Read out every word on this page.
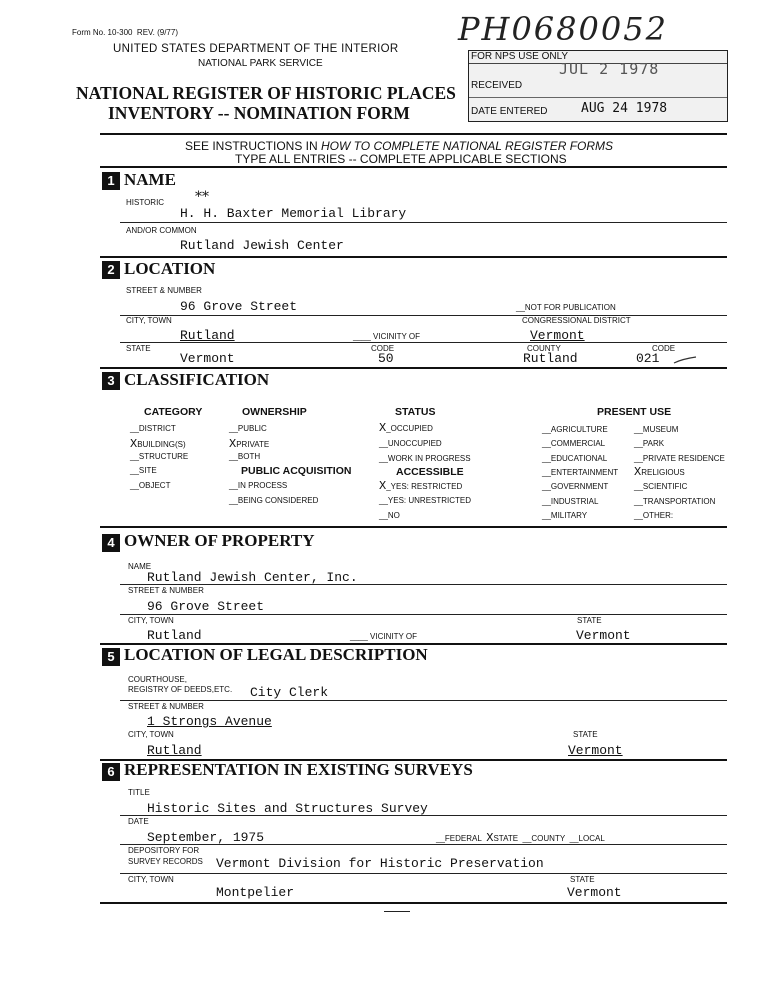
Form No. 10-300 REV. (9/77)
UNITED STATES DEPARTMENT OF THE INTERIOR
NATIONAL PARK SERVICE
NATIONAL REGISTER OF HISTORIC PLACES
INVENTORY -- NOMINATION FORM
PH0680052
FOR NPS USE ONLY
RECEIVED
JUL 2 1978
DATE ENTERED	AUG 24 1978
SEE INSTRUCTIONS IN HOW TO COMPLETE NATIONAL REGISTER FORMS
TYPE ALL ENTRIES -- COMPLETE APPLICABLE SECTIONS
1 NAME
HISTORIC **
H. H. Baxter Memorial Library
AND/OR COMMON
Rutland Jewish Center
2 LOCATION
STREET & NUMBER
96 Grove Street	__NOT FOR PUBLICATION
CITY, TOWN	CONGRESSIONAL DISTRICT
Rutland	____ VICINITY OF	Vermont
STATE	CODE	COUNTY	CODE
Vermont	50	Rutland	021
3 CLASSIFICATION
CATEGORY	OWNERSHIP	STATUS	PRESENT USE
__DISTRICT
XBUILDING(S)
__STRUCTURE
__SITE
__OBJECT
__PUBLIC
XPRIVATE
__BOTH
PUBLIC ACQUISITION
__IN PROCESS
__BEING CONSIDERED
X_OCCUPIED
__UNOCCUPIED
__WORK IN PROGRESS
ACCESSIBLE
X_YES: RESTRICTED
__YES: UNRESTRICTED
__NO
__AGRICULTURE
__COMMERCIAL
__EDUCATIONAL
__ENTERTAINMENT
__GOVERNMENT
__INDUSTRIAL
__MILITARY
__MUSEUM
__PARK
__PRIVATE RESIDENCE
XRELIGIOUS
__SCIENTIFIC
__TRANSPORTATION
__OTHER:
4 OWNER OF PROPERTY
NAME
Rutland Jewish Center, Inc.
STREET & NUMBER
96 Grove Street
CITY, TOWN	STATE
Rutland	____ VICINITY OF	Vermont
5 LOCATION OF LEGAL DESCRIPTION
COURTHOUSE,
REGISTRY OF DEEDS,ETC. City Clerk
STREET & NUMBER
1 Strongs Avenue
CITY, TOWN	STATE
Rutland	Vermont
6 REPRESENTATION IN EXISTING SURVEYS
TITLE
Historic Sites and Structures Survey
DATE
September, 1975	__FEDERAL XSTATE  __COUNTY  __LOCAL
DEPOSITORY FOR
SURVEY RECORDS Vermont Division for Historic Preservation
CITY, TOWN	STATE
Montpelier	Vermont
